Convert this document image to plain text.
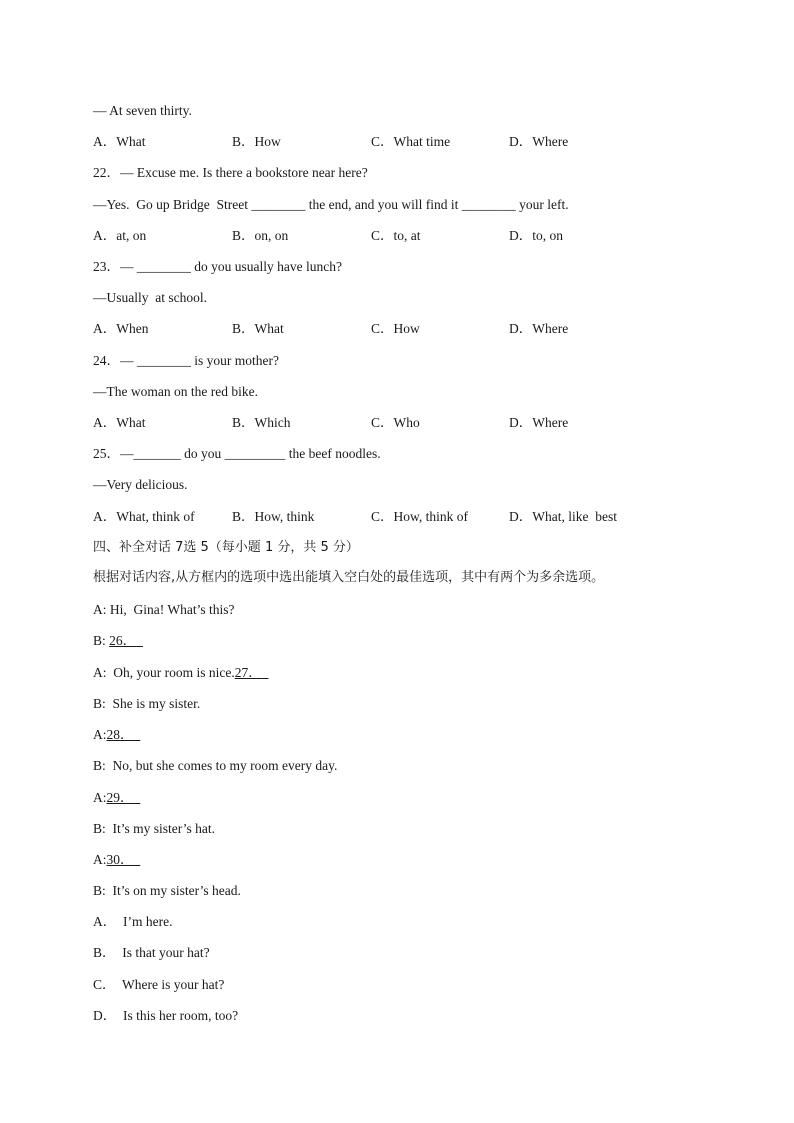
— At seven thirty.
A．What	B．How	C．What time	D．Where
22．— Excuse me. Is there a bookstore near here?
—Yes.  Go up Bridge  Street ________ the end, and you will find it ________ your left.
A．at, on	B．on, on	C．to, at	D．to, on
23．— ________ do you usually have lunch?
—Usually  at school.
A．When	B．What	C．How	D．Where
24．— ________ is your mother?
—The woman on the red bike.
A．What	B．Which	C．Who	D．Where
25．—_______ do you _________ the beef noodles.
—Very delicious.
A．What, think of	B．How, think	C．How, think of	D．What, like  best
四、补全对话 7选 5（每小题 1 分，共 5 分）
根据对话内容,从方框内的选项中选出能填入空白处的最佳选项，其中有两个为多余选项。
A: Hi,  Gina! What’s this?
B: 26．
A:  Oh, your room is nice.27．
B:  She is my sister.
A:28．
B:  No, but she comes to my room every day.
A:29．
B:  It’s my sister’s hat.
A:30．
B:  It’s on my sister’s head.
A．  I’m here.
B．  Is that your hat?
C．  Where is your hat?
D．  Is this her room, too?
